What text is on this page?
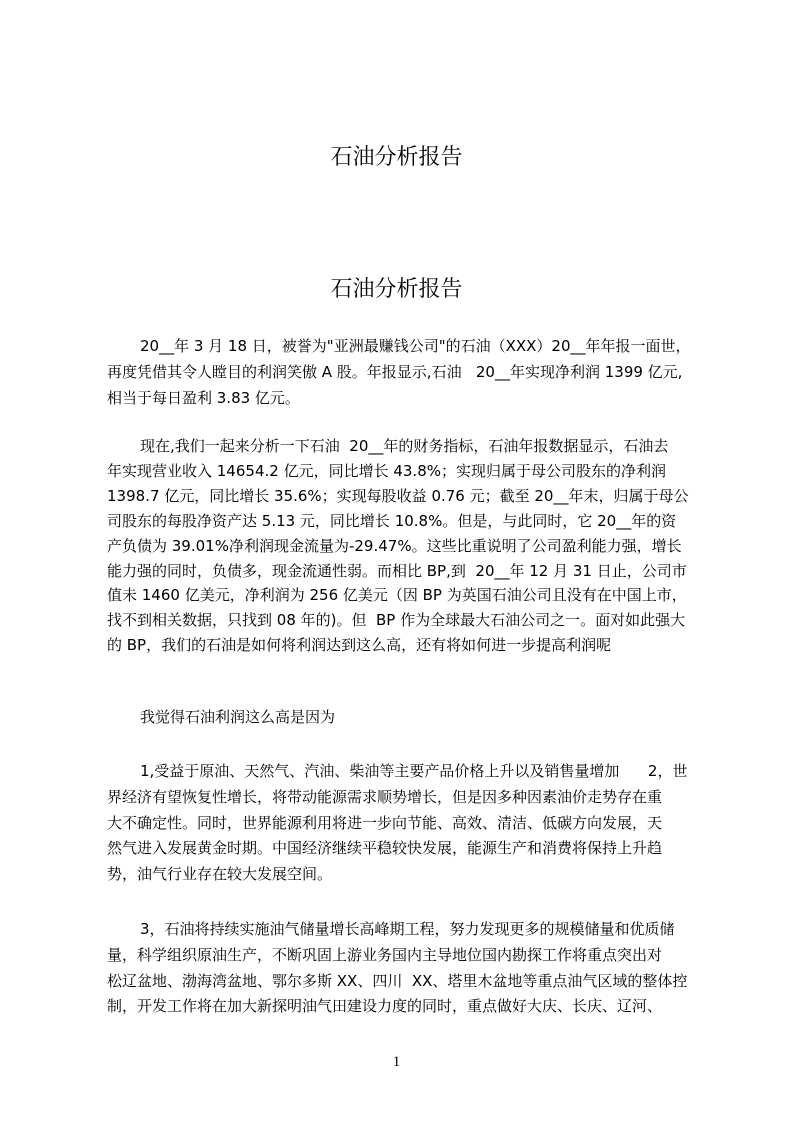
石油分析报告
石油分析报告
20__年 3 月 18 日，被誉为"亚洲最赚钱公司"的石油（XXX）20__年年报一面世，
再度凭借其令人瞠目的利润笑傲 A 股。年报显示,石油   20__年实现净利润 1399 亿元,
相当于每日盈利 3.83 亿元。
现在,我们一起来分析一下石油  20__年的财务指标，石油年报数据显示，石油去
年实现营业收入 14654.2 亿元，同比增长 43.8%；实现归属于母公司股东的净利润
1398.7 亿元，同比增长 35.6%；实现每股收益 0.76 元；截至 20__年末，归属于母公
司股东的每股净资产达 5.13 元，同比增长 10.8%。但是，与此同时，它 20__年的资
产负债为 39.01%净利润现金流量为-29.47%。这些比重说明了公司盈利能力强，增长
能力强的同时，负债多，现金流通性弱。而相比 BP,到  20__年 12 月 31 日止，公司市
值未 1460 亿美元，净利润为 256 亿美元（因 BP 为英国石油公司且没有在中国上市，
找不到相关数据，只找到 08 年的)。但  BP 作为全球最大石油公司之一。面对如此强大
的 BP，我们的石油是如何将利润达到这么高，还有将如何进一步提高利润呢
我觉得石油利润这么高是因为
1,受益于原油、天然气、汽油、柴油等主要产品价格上升以及销售量增加      2，世
界经济有望恢复性增长，将带动能源需求顺势增长，但是因多种因素油价走势存在重
大不确定性。同时，世界能源利用将进一步向节能、高效、清洁、低碳方向发展，天
然气进入发展黄金时期。中国经济继续平稳较快发展，能源生产和消费将保持上升趋
势，油气行业存在较大发展空间。
3，石油将持续实施油气储量增长高峰期工程，努力发现更多的规模储量和优质储
量，科学组织原油生产，不断巩固上游业务国内主导地位国内勘探工作将重点突出对
松辽盆地、渤海湾盆地、鄂尔多斯 XX、四川  XX、塔里木盆地等重点油气区域的整体控
制，开发工作将在加大新探明油气田建设力度的同时，重点做好大庆、长庆、辽河、
1
